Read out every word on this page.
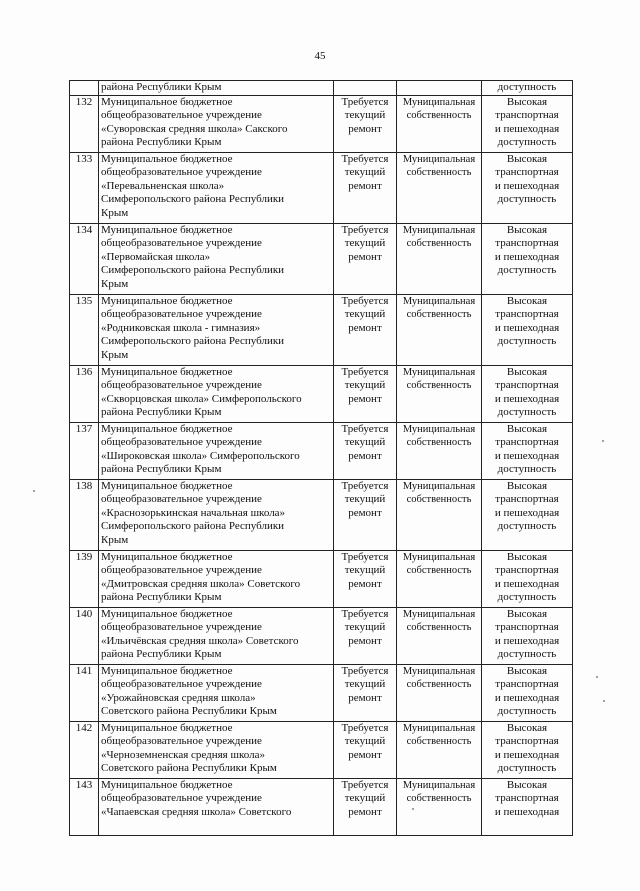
45
	района Республики Крым			доступность
132	Муниципальное бюджетное
общеобразовательное учреждение
«Суворовская средняя школа» Сакского
района Республики Крым	Требуется
текущий
ремонт	Муниципальная
собственность	Высокая
транспортная
и пешеходная
доступность

133	Муниципальное бюджетное
общеобразовательное учреждение
«Перевальненская школа»
Симферопольского района Республики
Крым	Требуется
текущий
ремонт	Муниципальная
собственность	Высокая
транспортная
и пешеходная
доступность

134	Муниципальное бюджетное
общеобразовательное учреждение
«Первомайская школа»
Симферопольского района Республики
Крым	Требуется
текущий
ремонт	Муниципальная
собственность	Высокая
транспортная
и пешеходная
доступность

135	Муниципальное бюджетное
общеобразовательное учреждение
«Родниковская школа - гимназия»
Симферопольского района Республики
Крым	Требуется
текущий
ремонт	Муниципальная
собственность	Высокая
транспортная
и пешеходная
доступность

136	Муниципальное бюджетное
общеобразовательное учреждение
«Скворцовская школа» Симферопольского
района Республики Крым	Требуется
текущий
ремонт	Муниципальная
собственность	Высокая
транспортная
и пешеходная
доступность

137	Муниципальное бюджетное
общеобразовательное учреждение
«Широковская школа» Симферопольского
района Республики Крым	Требуется
текущий
ремонт	Муниципальная
собственность	Высокая
транспортная
и пешеходная
доступность

138	Муниципальное бюджетное
общеобразовательное учреждение
«Краснозорькинская начальная школа»
Симферопольского района Республики
Крым	Требуется
текущий
ремонт	Муниципальная
собственность	Высокая
транспортная
и пешеходная
доступность

139	Муниципальное бюджетное
общеобразовательное учреждение
«Дмитровская средняя школа» Советского
района Республики Крым	Требуется
текущий
ремонт	Муниципальная
собственность	Высокая
транспортная
и пешеходная
доступность

140	Муниципальное бюджетное
общеобразовательное учреждение
«Ильичёвская средняя школа» Советского
района Республики Крым	Требуется
текущий
ремонт	Муниципальная
собственность	Высокая
транспортная
и пешеходная
доступность

141	Муниципальное бюджетное
общеобразовательное учреждение
«Урожайновская средняя школа»
Советского района Республики Крым	Требуется
текущий
ремонт	Муниципальная
собственность	Высокая
транспортная
и пешеходная
доступность

142	Муниципальное бюджетное
общеобразовательное учреждение
«Черноземненская средняя школа»
Советского района Республики Крым	Требуется
текущий
ремонт	Муниципальная
собственность	Высокая
транспортная
и пешеходная
доступность

143	Муниципальное бюджетное
общеобразовательное учреждение
«Чапаевская средняя школа» Советского	Требуется
текущий
ремонт	Муниципальная
собственность	Высокая
транспортная
и пешеходная
